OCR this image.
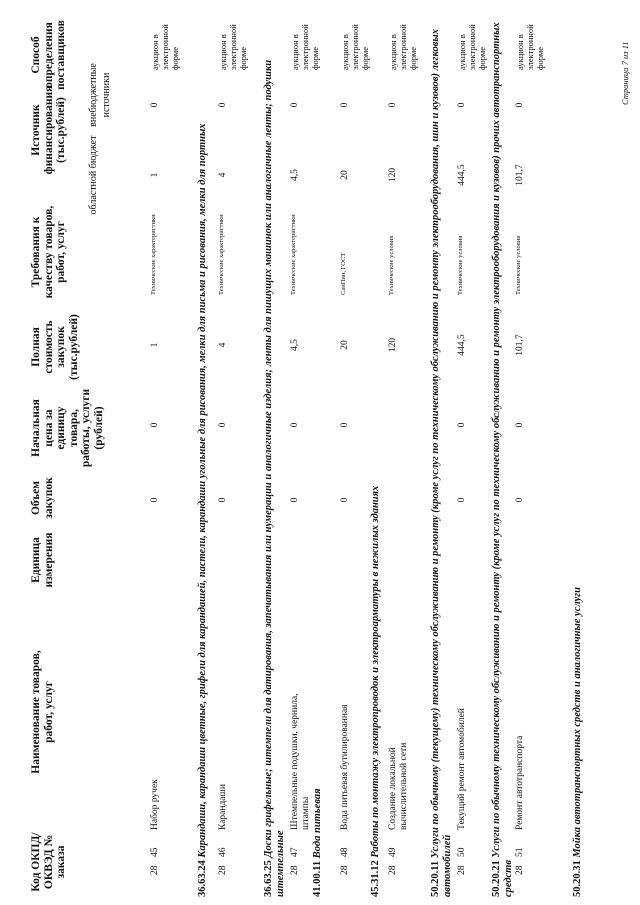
Код ОКПД/ ОКВЭД № заказа
Наименование товаров, работ, услуг
Единица измерения
Объем закупок
Начальная цена за единицу товара, работы, услуги (рублей)
Полная стоимость закупок (тыс.рублей)
Требования к качеству товаров, работ, услуг
Источник финансирования (тыс.рублей)
областной бюджет
внебюджетные источники
Способ определения поставщиков
28
45
Набор ручек
0
0
1
Технические характеристики
1
0
аукцион в электронной форме
36.63.24 Карандаши, карандаши цветные, грифели для карандашей, пастели, карандаши угольные для рисования, мелки для письма и рисования, мелки для портных
28
46
Карандаши
0
0
4
Технические характеристики
4
0
аукцион в электронной форме
36.63.25 Доски грифельные; штемпели для датирования, запечатывания или нумерации и аналогичные изделия; ленты для пишущих машинок или аналогичные ленты; подушки штемпельные 28
47
Штемпельные подушки, чернила, штампы
0
0
4,5
Технические характеристики
4,5
0
аукцион в электронной форме
41.00.11 Вода питьевая
28
48
Вода питьевая бутилированная
0
0
20
СанПин, ГОСТ
20
0
аукцион в электронной форме
45.31.12 Работы по монтажу электропроводок и электроарматуры в нежилых зданиях
28
49
Создание локальной вычислительной сети
120
Технические условия
120
0
аукцион в электронной форме
50.20.11 Услуги по обычному (текущему) техническому обслуживанию и ремонту (кроме услуг по техническому обслуживанию и ремонту электрооборудования, шин и кузовов) легковых автомобилей 28
50
Текущий ремонт автомобилей
0
0
444,5
Технические условия
444,5
0
аукцион в электронной форме
50.20.21 Услуги по обычному техническому обслуживанию и ремонту (кроме услуг по техническому обслуживанию и ремонту электрооборудования и кузовов) прочих автотранспортных средств 28
51
Ремонт автотранспорта
0
0
101,7
Технические условия
101,7
0
аукцион в электронной форме
50.20.31 Мойка автотранспортных средств и аналогичные услуги
Страница 7 из 11
